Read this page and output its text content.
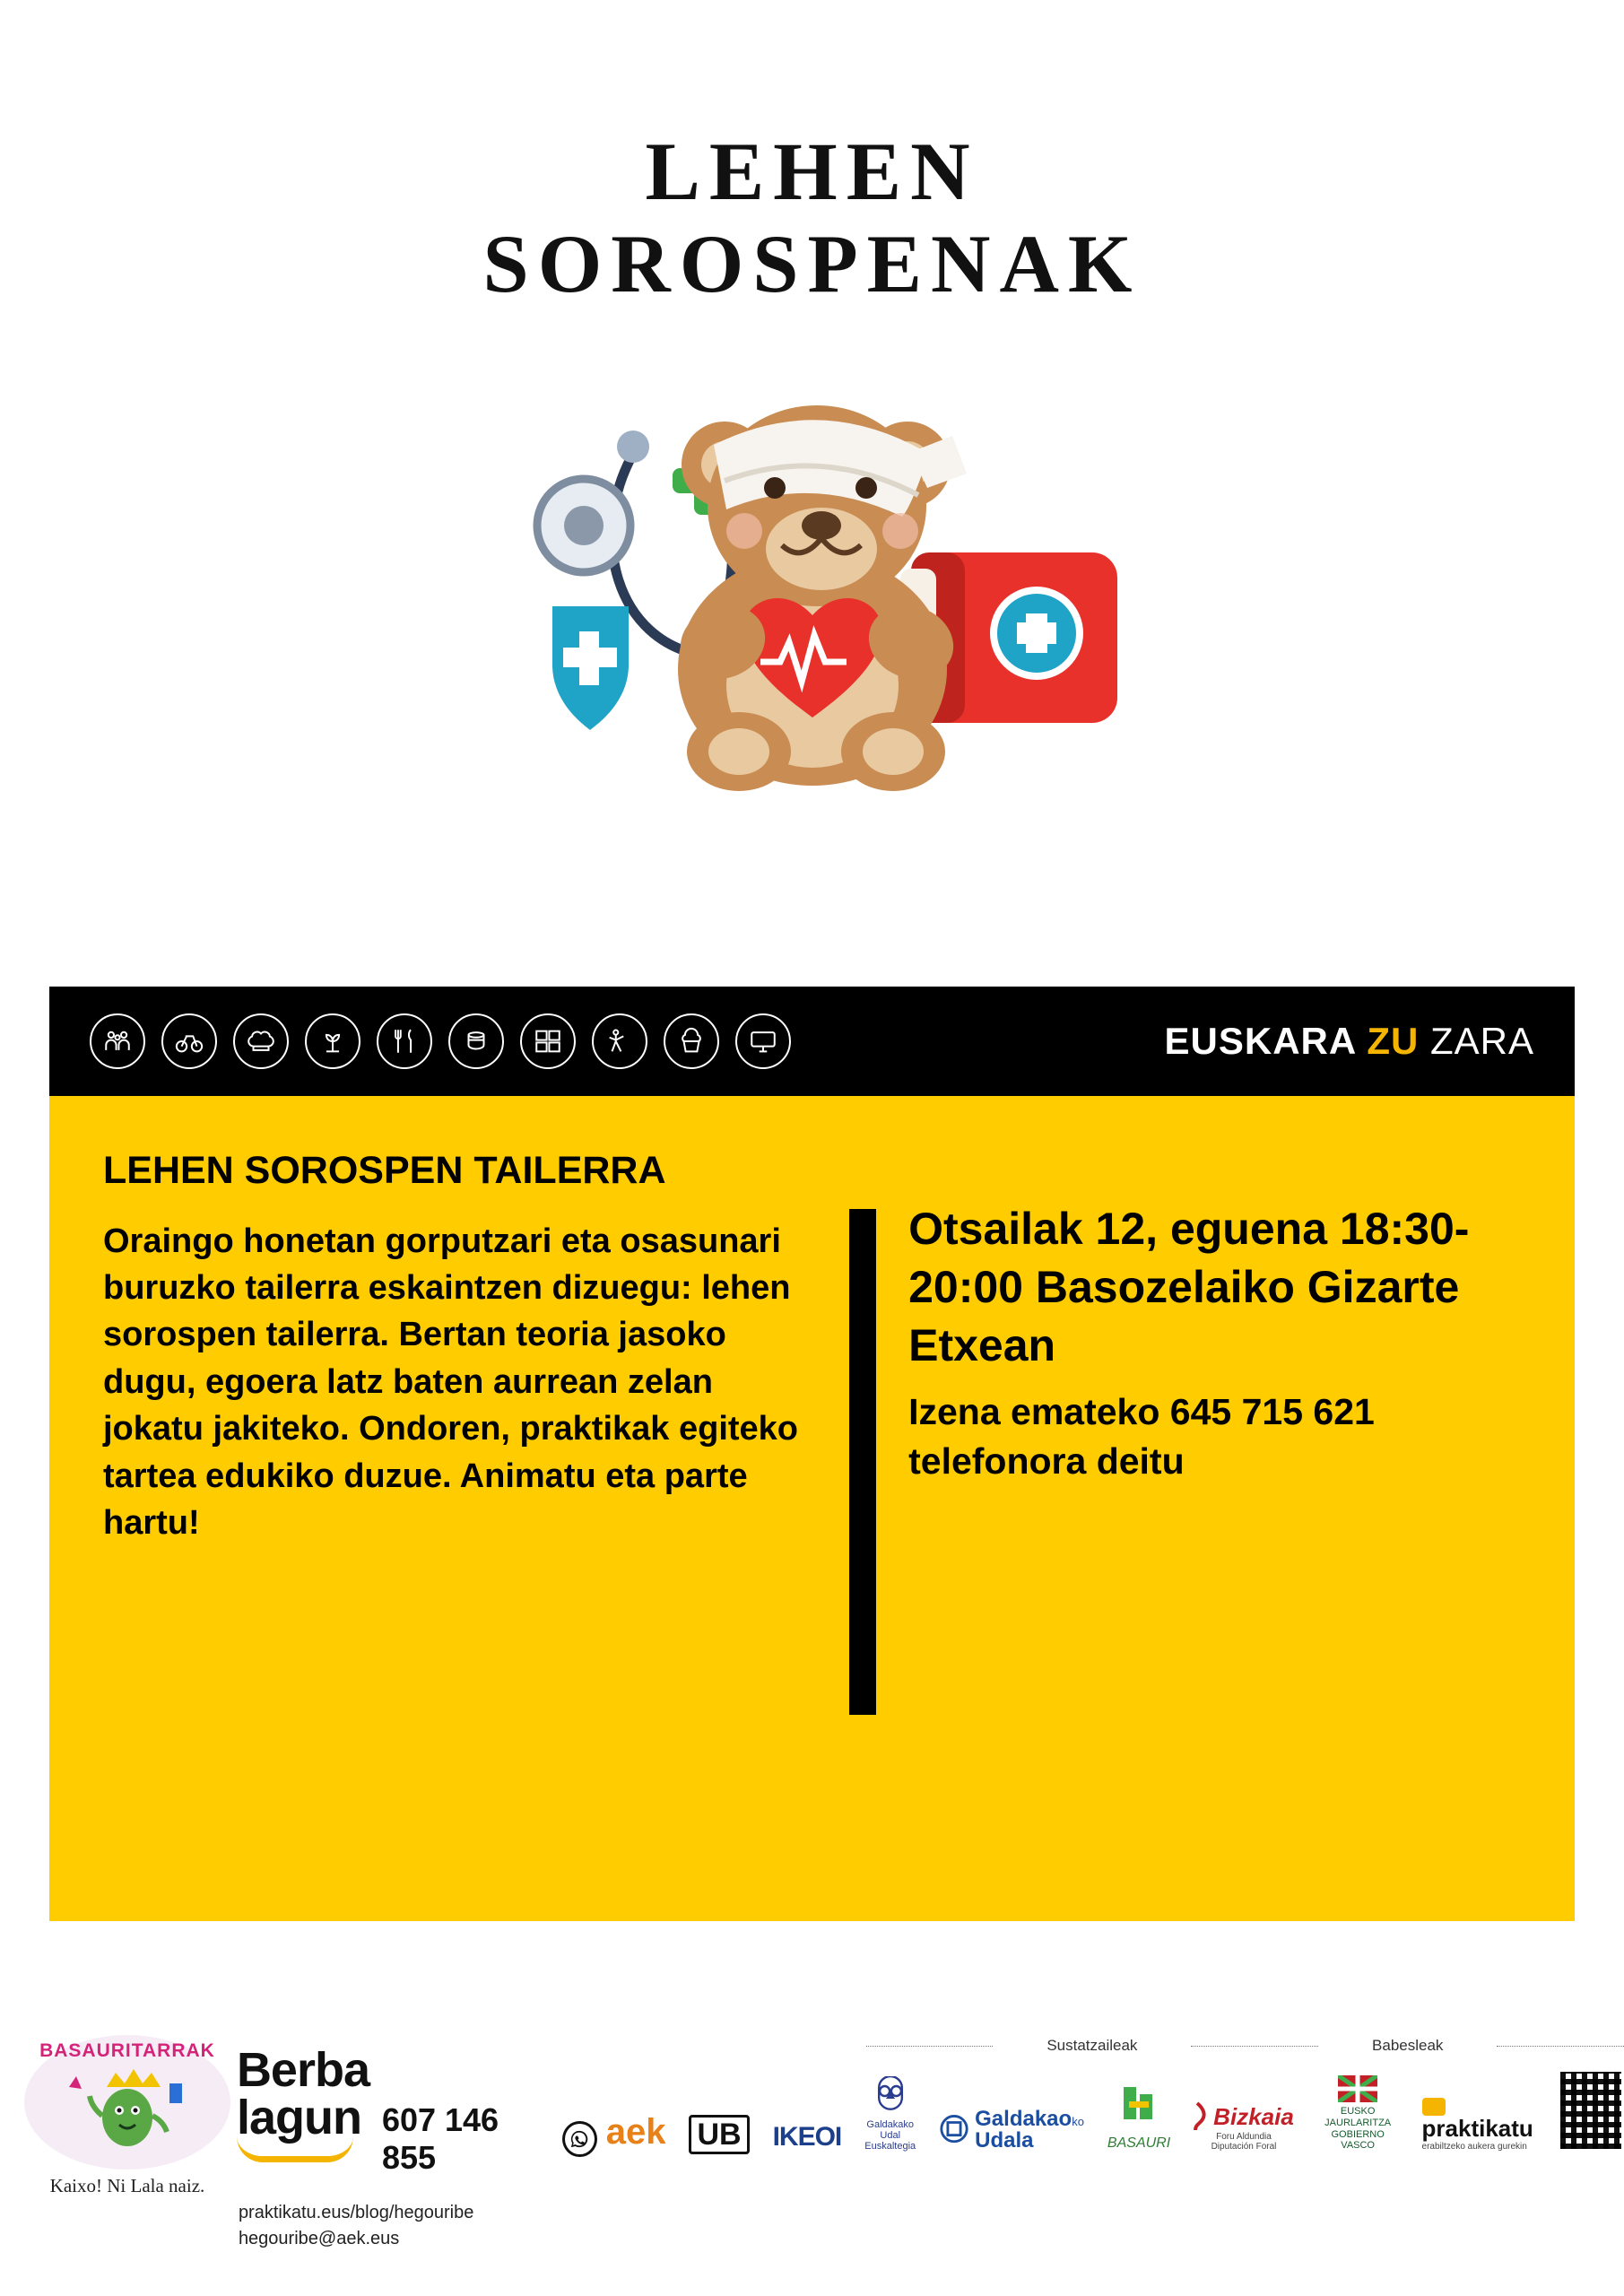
LEHEN
SOROSPENAK
EUSKARA ZU ZARA

LEHEN SOROSPEN TAILERRA

Oraingo honetan gorputzari eta osasunari buruzko tailerra eskaintzen dizuegu: lehen sorospen tailerra. Bertan teoria jasoko dugu, egoera latz baten aurrean zelan jokatu jakiteko. Ondoren, praktikak egiteko tartea edukiko duzue. Animatu eta parte hartu!

Otsailak 12, eguena 18:30-20:00 Basozelaiko Gizarte Etxean

Izena emateko 645 715 621 telefonora deitu

BASAURITARRAK
Kaixo! Ni Lala naiz.
Berba
lagun 607 146 855
praktikatu.eus/blog/hegouribe
hegouribe@aek.eus
Sustatzaileak	Babesleak
aek UB	IKEOI	Galdakako Udal Euskaltegia
Galdakaoko
Udala	BASAURI
Bizkaia
Foru Aldundia Diputación Foral
EUSKO JAURLARITZA
GOBIERNO VASCO
praktikatu
erabiltzeko aukera gurekin
